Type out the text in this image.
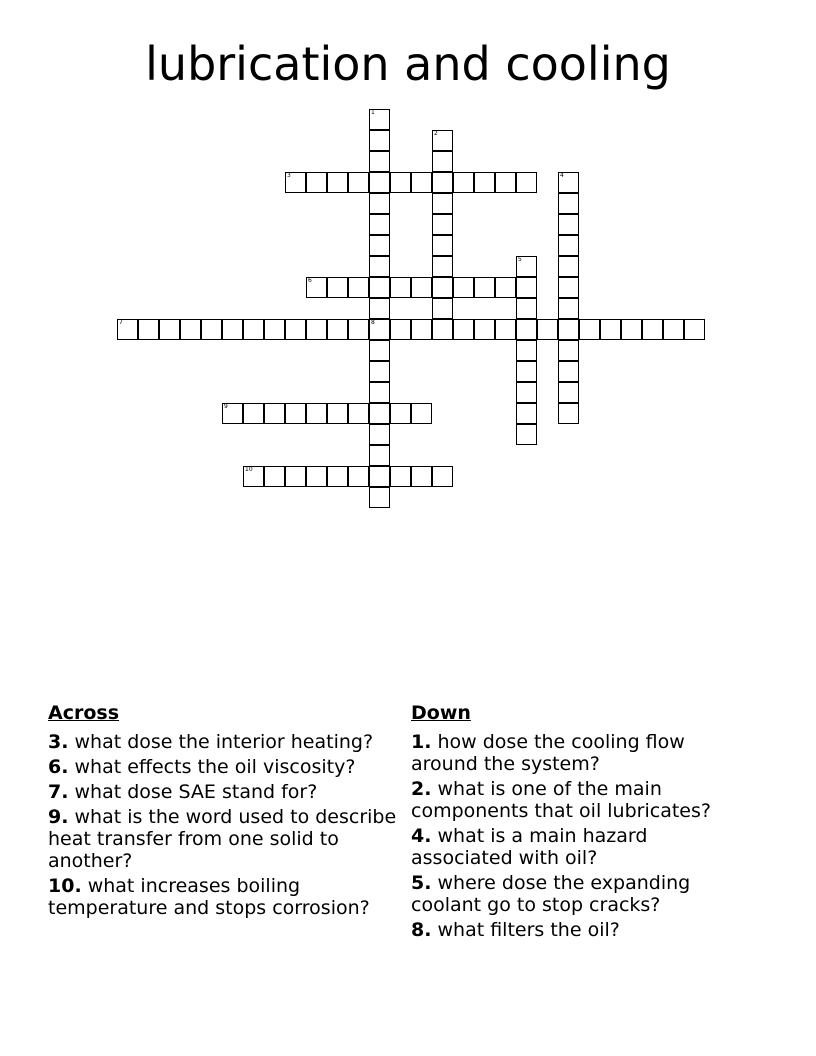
lubrication and cooling
1
8
2
3	4
5
6
7
9
10
Across
3. what dose the interior heating?
6. what effects the oil viscosity?
7. what dose SAE stand for?
9. what is the word used to describe heat transfer from one solid to another?
10. what increases boiling temperature and stops corrosion?
Down
1. how dose the cooling flow around the system?
2. what is one of the main components that oil lubricates?
4. what is a main hazard associated with oil?
5. where dose the expanding coolant go to stop cracks?
8. what filters the oil?
